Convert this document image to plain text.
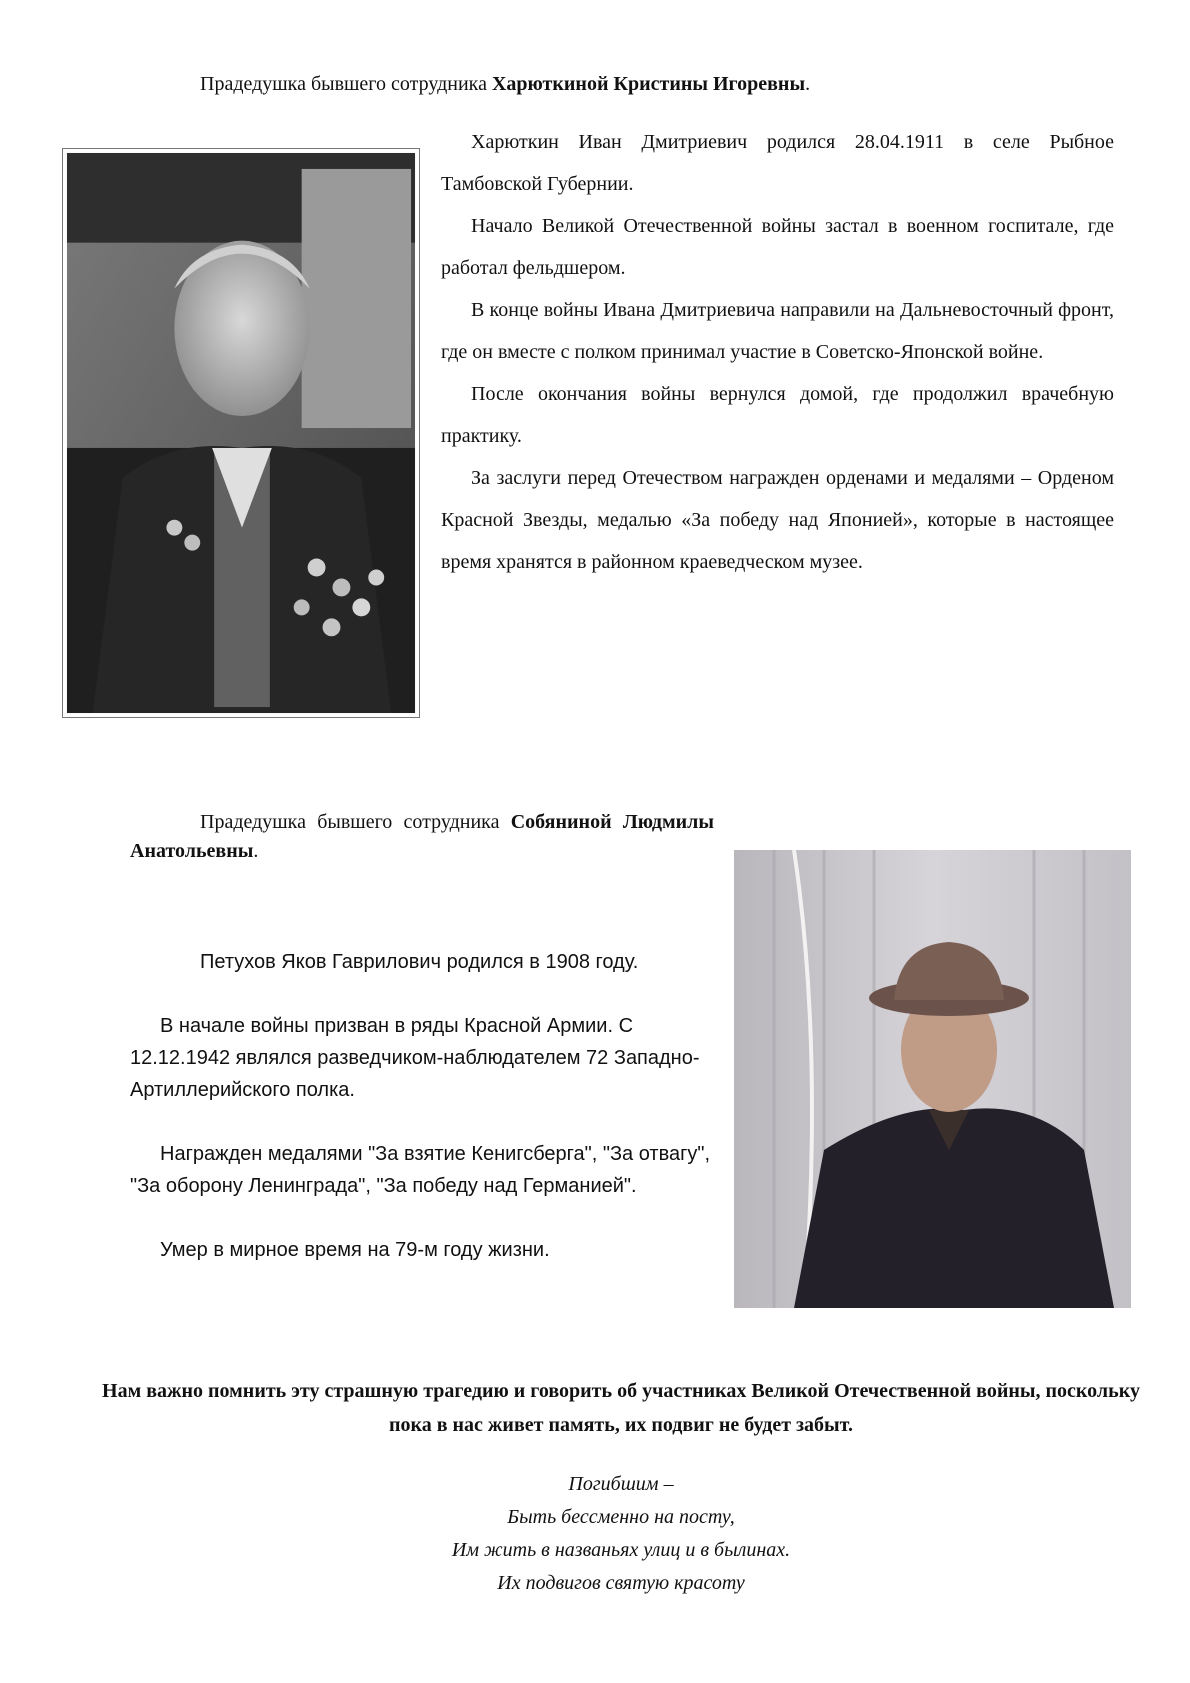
Прадедушка бывшего сотрудника Харюткиной Кристины Игоревны.

Харюткин Иван Дмитриевич родился 28.04.1911 в селе Рыбное Тамбовской Губернии.

Начало Великой Отечественной войны застал в военном госпитале, где работал фельдшером.

В конце войны Ивана Дмитриевича направили на Дальневосточный фронт, где он вместе с полком принимал участие в Советско-Японской войне.

После окончания войны вернулся домой, где продолжил врачебную практику.

За заслуги перед Отечеством награжден орденами и медалями – Орденом Красной Звезды, медалью «За победу над Японией», которые в настоящее время хранятся в районном краеведческом музее.

Прадедушка бывшего сотрудника Собяниной Людмилы Анатольевны.

Петухов Яков Гаврилович родился в 1908 году.

В начале войны призван в ряды Красной Армии. С 12.12.1942 являлся разведчиком-наблюдателем 72 Западно-Артиллерийского полка.

Награжден медалями "За взятие Кенигсберга", "За отвагу", "За оборону Ленинграда", "За победу над Германией".

Умер в мирное время на 79-м году жизни.

Нам важно помнить эту страшную трагедию и говорить об участниках Великой Отечественной войны, поскольку пока в нас живет память, их подвиг не будет забыт.
Погибшим –
Быть бессменно на посту,
Им жить в названьях улиц и в былинах.
Их подвигов святую красоту
